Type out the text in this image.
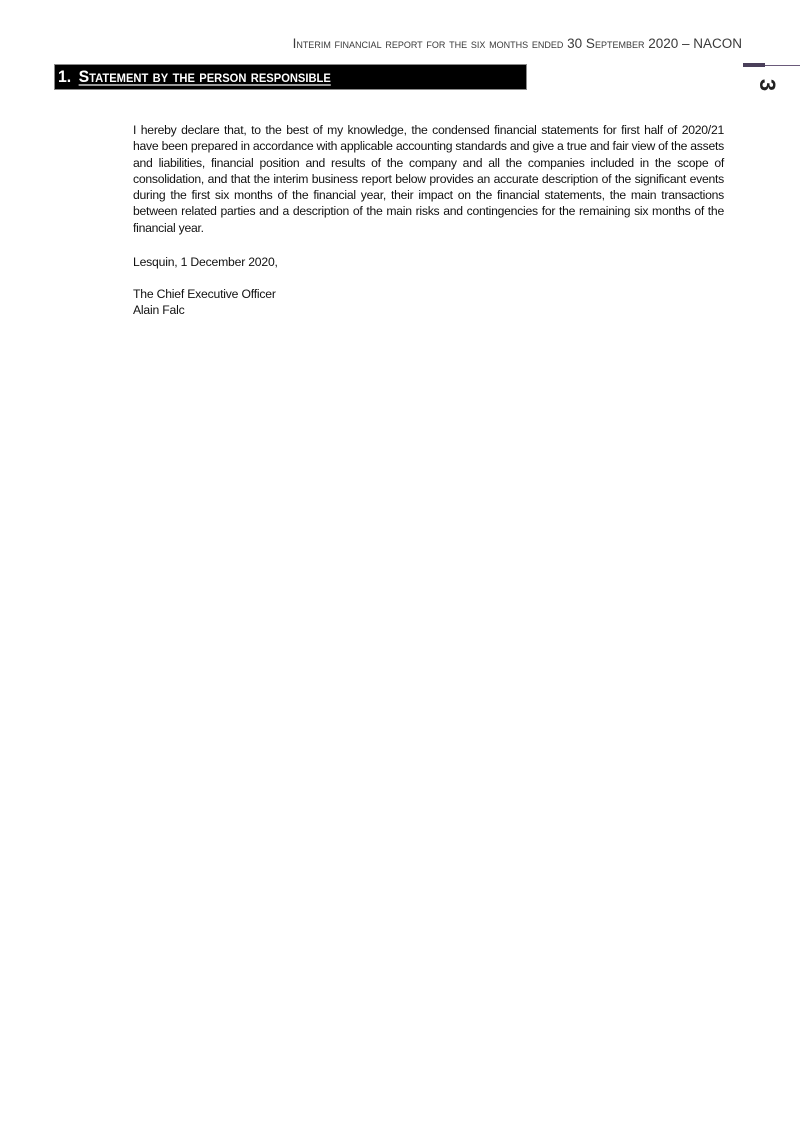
Interim financial report for the six months ended 30 September 2020 – NACON
1. Statement by the person responsible	3
I hereby declare that, to the best of my knowledge, the condensed financial statements for first half of 2020/21 have been prepared in accordance with applicable accounting standards and give a true and fair view of the assets and liabilities, financial position and results of the company and all the companies included in the scope of consolidation, and that the interim business report below provides an accurate description of the significant events during the first six months of the financial year, their impact on the financial statements, the main transactions between related parties and a description of the main risks and contingencies for the remaining six months of the financial year.
Lesquin, 1 December 2020,
The Chief Executive Officer
Alain Falc
